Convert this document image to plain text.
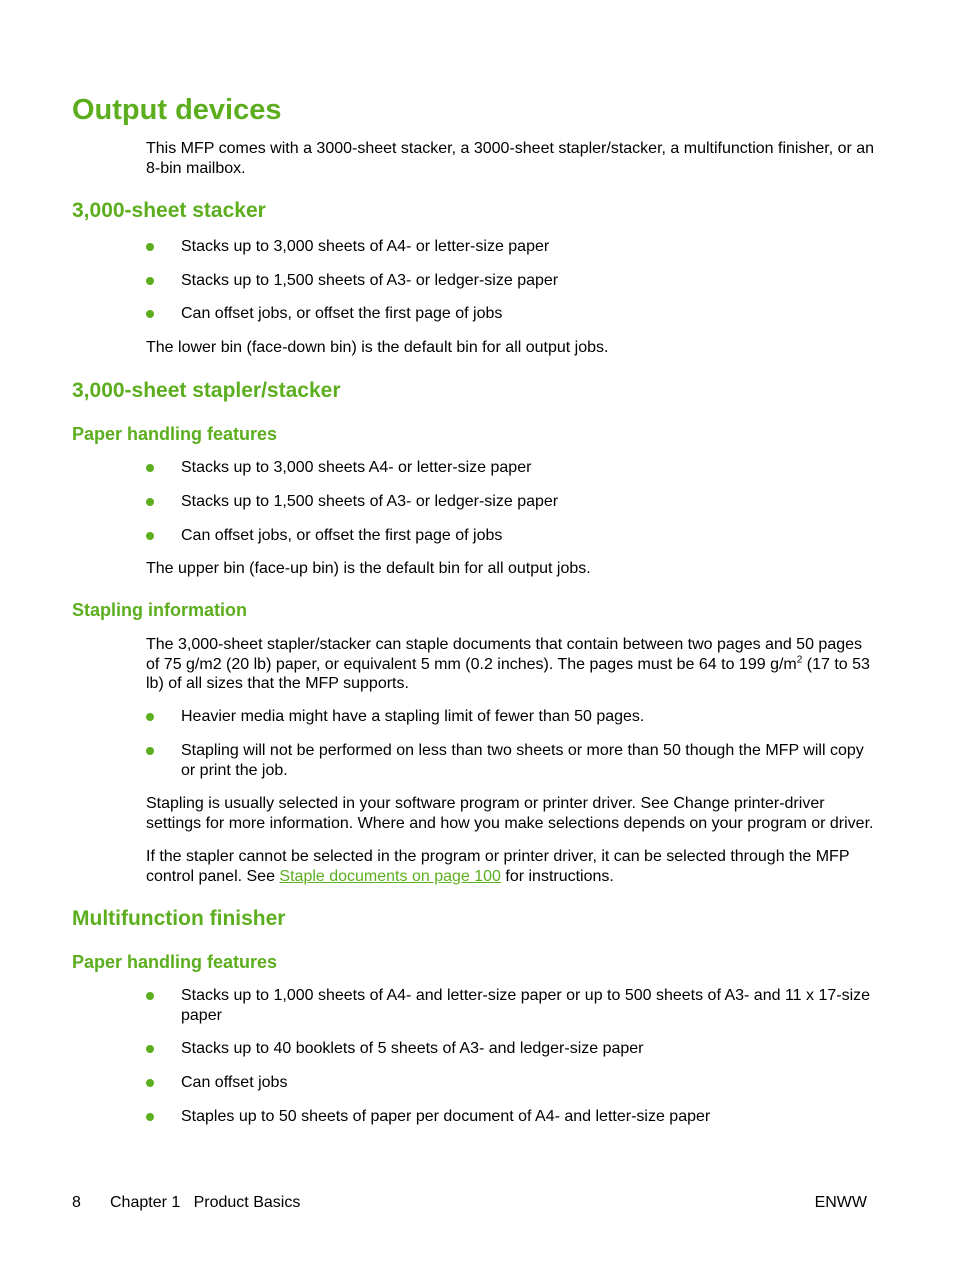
Output devices

This MFP comes with a 3000-sheet stacker, a 3000-sheet stapler/stacker, a multifunction finisher, or an 8-bin mailbox.

3,000-sheet stacker

Stacks up to 3,000 sheets of A4- or letter-size paper

Stacks up to 1,500 sheets of A3- or ledger-size paper

Can offset jobs, or offset the first page of jobs

The lower bin (face-down bin) is the default bin for all output jobs.

3,000-sheet stapler/stacker
Paper handling features

Stacks up to 3,000 sheets A4- or letter-size paper

Stacks up to 1,500 sheets of A3- or ledger-size paper

Can offset jobs, or offset the first page of jobs

The upper bin (face-up bin) is the default bin for all output jobs.

Stapling information

The 3,000-sheet stapler/stacker can staple documents that contain between two pages and 50 pages of 75 g/m2 (20 lb) paper, or equivalent 5 mm (0.2 inches). The pages must be 64 to 199 $g/m^2$ (17 to 53 lb) of all sizes that the MFP supports.

Heavier media might have a stapling limit of fewer than 50 pages.

Stapling will not be performed on less than two sheets or more than 50 though the MFP will copy or print the job.

Stapling is usually selected in your software program or printer driver. See Change printer-driver settings for more information. Where and how you make selections depends on your program or driver.

If the stapler cannot be selected in the program or printer driver, it can be selected through the MFP control panel. See Staple documents on page 100 for instructions.

Multifunction finisher
Paper handling features

Stacks up to 1,000 sheets of A4- and letter-size paper or up to 500 sheets of A3- and 11 x 17-size paper

Stacks up to 40 booklets of 5 sheets of A3- and ledger-size paper

Can offset jobs

Staples up to 50 sheets of paper per document of A4- and letter-size paper

8 Chapter 1   Product Basics	ENWW
